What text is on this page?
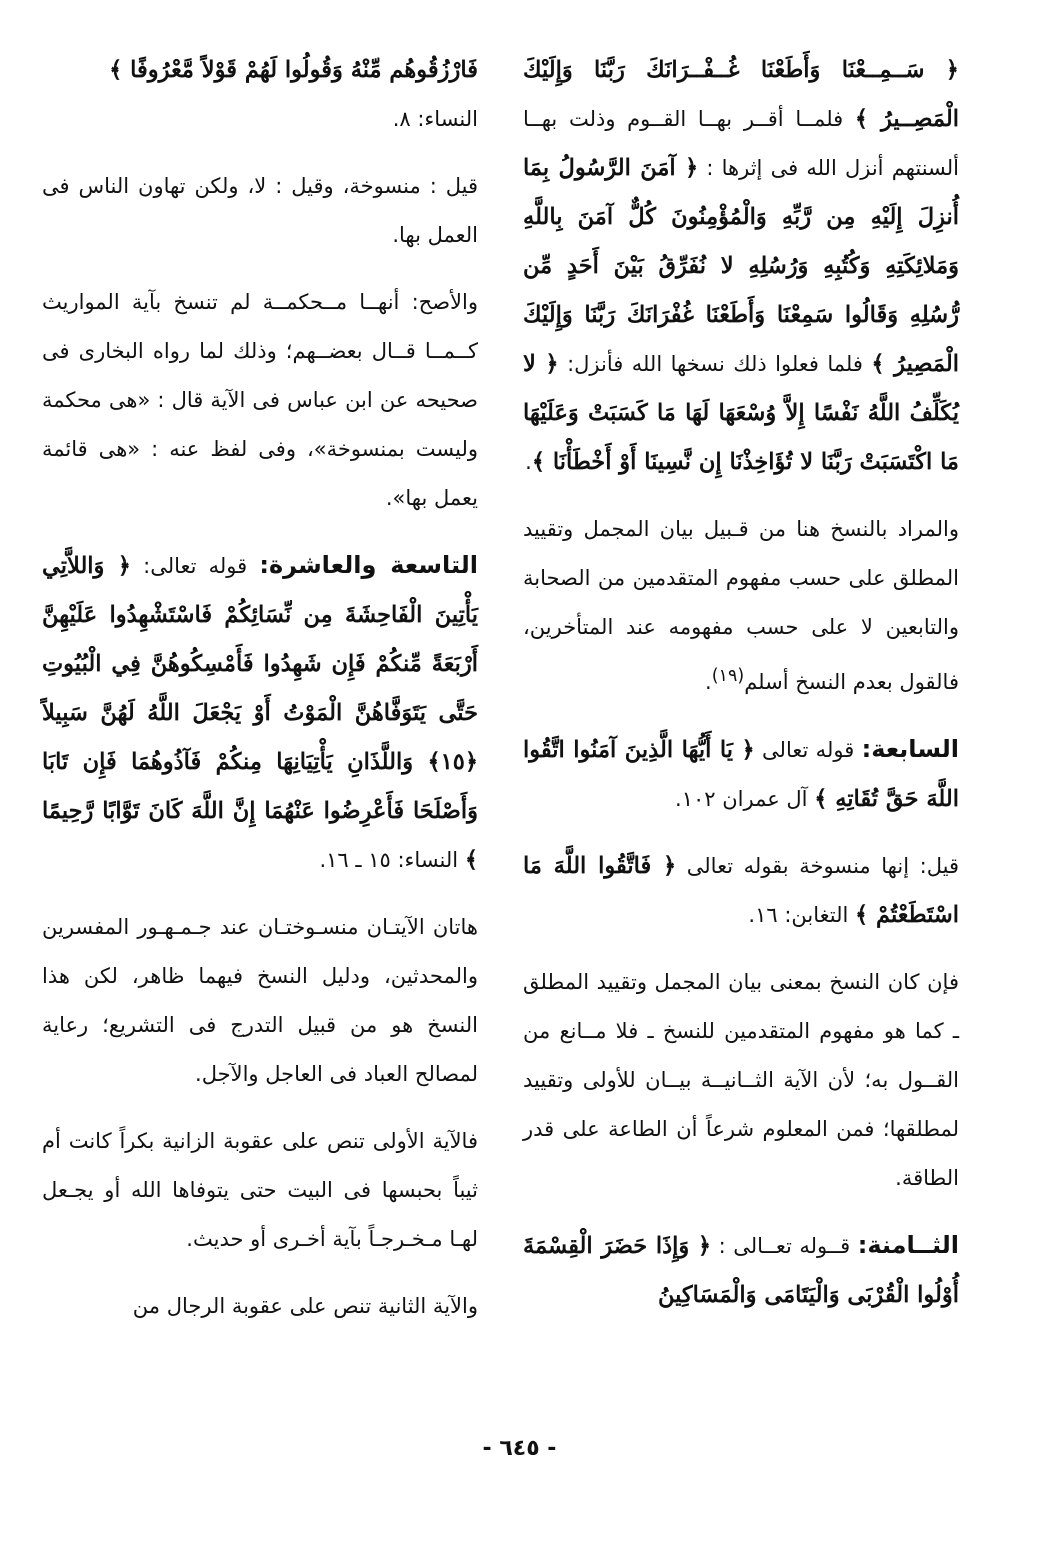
﴿ سَــمِــعْنَا وَأَطَعْنَا غُــفْــرَانَكَ رَبَّنَا وَإِلَيْكَ الْمَصِــيرُ ﴾ فلمــا أقــر بهــا القــوم وذلت بهــا ألسنتهم أنزل الله فى إثرها : ﴿ آمَنَ الرَّسُولُ بِمَا أُنزِلَ إِلَيْهِ مِن رَّبِّهِ وَالْمُؤْمِنُونَ كُلٌّ آمَنَ بِاللَّهِ وَمَلائِكَتِهِ وَكُتُبِهِ وَرُسُلِهِ لا نُفَرِّقُ بَيْنَ أَحَدٍ مِّن رُّسُلِهِ وَقَالُوا سَمِعْنَا وَأَطَعْنَا غُفْرَانَكَ رَبَّنَا وَإِلَيْكَ الْمَصِيرُ ﴾ فلما فعلوا ذلك نسخها الله فأنزل: ﴿ لا يُكَلِّفُ اللَّهُ نَفْسًا إِلاَّ وُسْعَهَا لَهَا مَا كَسَبَتْ وَعَلَيْهَا مَا اكْتَسَبَتْ رَبَّنَا لا تُؤَاخِذْنَا إِن نَّسِينَا أَوْ أَخْطَأْنَا ﴾.

والمراد بالنسخ هنا من قـبيل بيان المجمل وتقييد المطلق على حسب مفهوم المتقدمين من الصحابة والتابعين لا على حسب مفهومه عند المتأخرين، فالقول بعدم النسخ أسلم$^{(١٩)}$.

السابعة: قوله تعالى ﴿ يَا أَيُّهَا الَّذِينَ آمَنُوا اتَّقُوا اللَّهَ حَقَّ تُقَاتِهِ ﴾ آل عمران ١٠٢.

قيل: إنها منسوخة بقوله تعالى ﴿ فَاتَّقُوا اللَّهَ مَا اسْتَطَعْتُمْ ﴾ التغابن: ١٦.

فإن كان النسخ بمعنى بيان المجمل وتقييد المطلق ـ كما هو مفهوم المتقدمين للنسخ ـ فلا مــانع من القــول به؛ لأن الآية الثــانيــة بيــان للأولى وتقييد لمطلقها؛ فمن المعلوم شرعاً أن الطاعة على قدر الطاقة.

الثــامنة: قــوله تعــالى : ﴿ وَإِذَا حَضَرَ الْقِسْمَةَ أُوْلُوا الْقُرْبَى وَالْيَتَامَى وَالْمَسَاكِينُ

فَارْزُقُوهُم مِّنْهُ وَقُولُوا لَهُمْ قَوْلاً مَّعْرُوفًا ﴾
النساء: ٨.

قيل : منسوخة، وقيل : لا، ولكن تهاون الناس فى العمل بها.

والأصح: أنهــا مــحكمــة لم تنسخ بآية المواريث كــمــا قــال بعضــهم؛ وذلك لما رواه البخارى فى صحيحه عن ابن عباس فى الآية قال : «هى محكمة وليست بمنسوخة»، وفى لفظ عنه : «هى قائمة يعمل بها».

التاسعة والعاشرة: قوله تعالى: ﴿ وَاللاَّتِي يَأْتِينَ الْفَاحِشَةَ مِن نِّسَائِكُمْ فَاسْتَشْهِدُوا عَلَيْهِنَّ أَرْبَعَةً مِّنكُمْ فَإِن شَهِدُوا فَأَمْسِكُوهُنَّ فِي الْبُيُوتِ حَتَّى يَتَوَفَّاهُنَّ الْمَوْتُ أَوْ يَجْعَلَ اللَّهُ لَهُنَّ سَبِيلاً ﴿١٥﴾ وَاللَّذَانِ يَأْتِيَانِهَا مِنكُمْ فَآذُوهُمَا فَإِن تَابَا وَأَصْلَحَا فَأَعْرِضُوا عَنْهُمَا إِنَّ اللَّهَ كَانَ تَوَّابًا رَّحِيمًا ﴾ النساء: ١٥ ـ ١٦.

هاتان الآيتـان منسـوختـان عند جـمـهـور المفسرين والمحدثين، ودليل النسخ فيهما ظاهر، لكن هذا النسخ هو من قبيل التدرج فى التشريع؛ رعاية لمصالح العباد فى العاجل والآجل.

فالآية الأولى تنص على عقوبة الزانية بكراً كانت أم ثيباً بحبسها فى البيت حتى يتوفاها الله أو يجـعل لهـا مـخـرجـاً بآية أخـرى أو حديث.

والآية الثانية تنص على عقوبة الرجال من

- ٦٤٥ -
